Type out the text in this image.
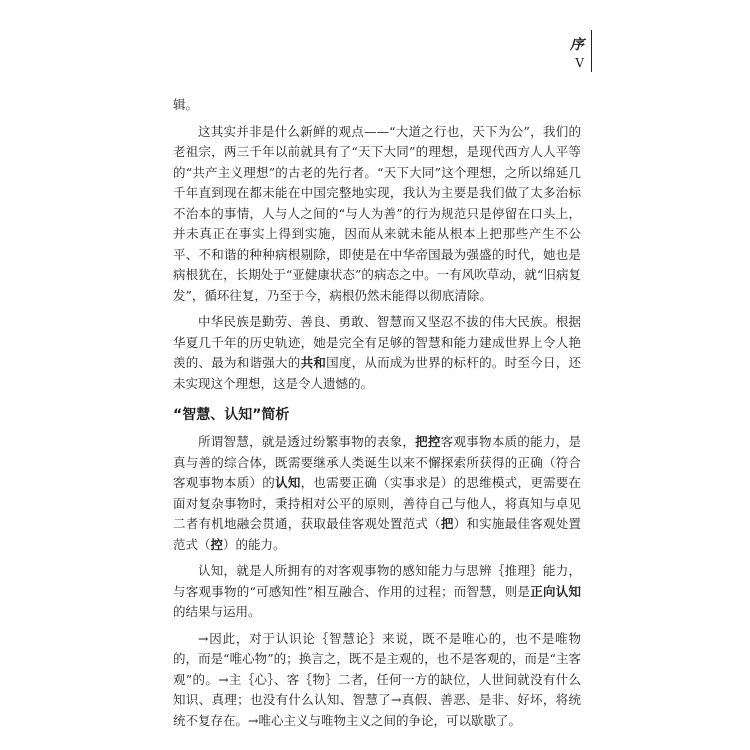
序
V

辑。

这其实并非是什么新鲜的观点——“大道之行也，天下为公”，我们的老祖宗，两三千年以前就具有了“天下大同”的理想，是现代西方人人平等的“共产主义理想”的古老的先行者。“天下大同”这个理想，之所以绵延几千年直到现在都未能在中国完整地实现，我认为主要是我们做了太多治标不治本的事情，人与人之间的“与人为善”的行为规范只是停留在口头上，并未真正在事实上得到实施，因而从来就未能从根本上把那些产生不公平、不和谐的种种病根剔除，即使是在中华帝国最为强盛的时代，她也是病根犹在，长期处于“亚健康状态”的病态之中。一有风吹草动，就“旧病复发”，循环往复，乃至于今，病根仍然未能得以彻底清除。

中华民族是勤劳、善良、勇敢、智慧而又坚忍不拔的伟大民族。根据华夏几千年的历史轨迹，她是完全有足够的智慧和能力建成世界上令人艳羡的、最为和谐强大的共和国度，从而成为世界的标杆的。时至今日，还未实现这个理想，这是令人遗憾的。

“智慧、认知”简析

所谓智慧，就是透过纷繁事物的表象，把控客观事物本质的能力，是真与善的综合体，既需要继承人类诞生以来不懈探索所获得的正确（符合客观事物本质）的认知，也需要正确（实事求是）的思维模式，更需要在面对复杂事物时，秉持相对公平的原则，善待自己与他人，将真知与卓见二者有机地融会贯通，获取最佳客观处置范式（把）和实施最佳客观处置范式（控）的能力。

认知，就是人所拥有的对客观事物的感知能力与思辨｛推理｝能力，与客观事物的“可感知性”相互融合、作用的过程；而智慧，则是正向认知的结果与运用。

→因此，对于认识论｛智慧论｝来说，既不是唯心的，也不是唯物的，而是“唯心物”的；换言之，既不是主观的，也不是客观的，而是“主客观”的。→主｛心｝、客｛物｝二者，任何一方的缺位，人世间就没有什么知识、真理；也没有什么认知、智慧了→真假、善恶、是非、好坏，将统统不复存在。→唯心主义与唯物主义之间的争论，可以歇歇了。
